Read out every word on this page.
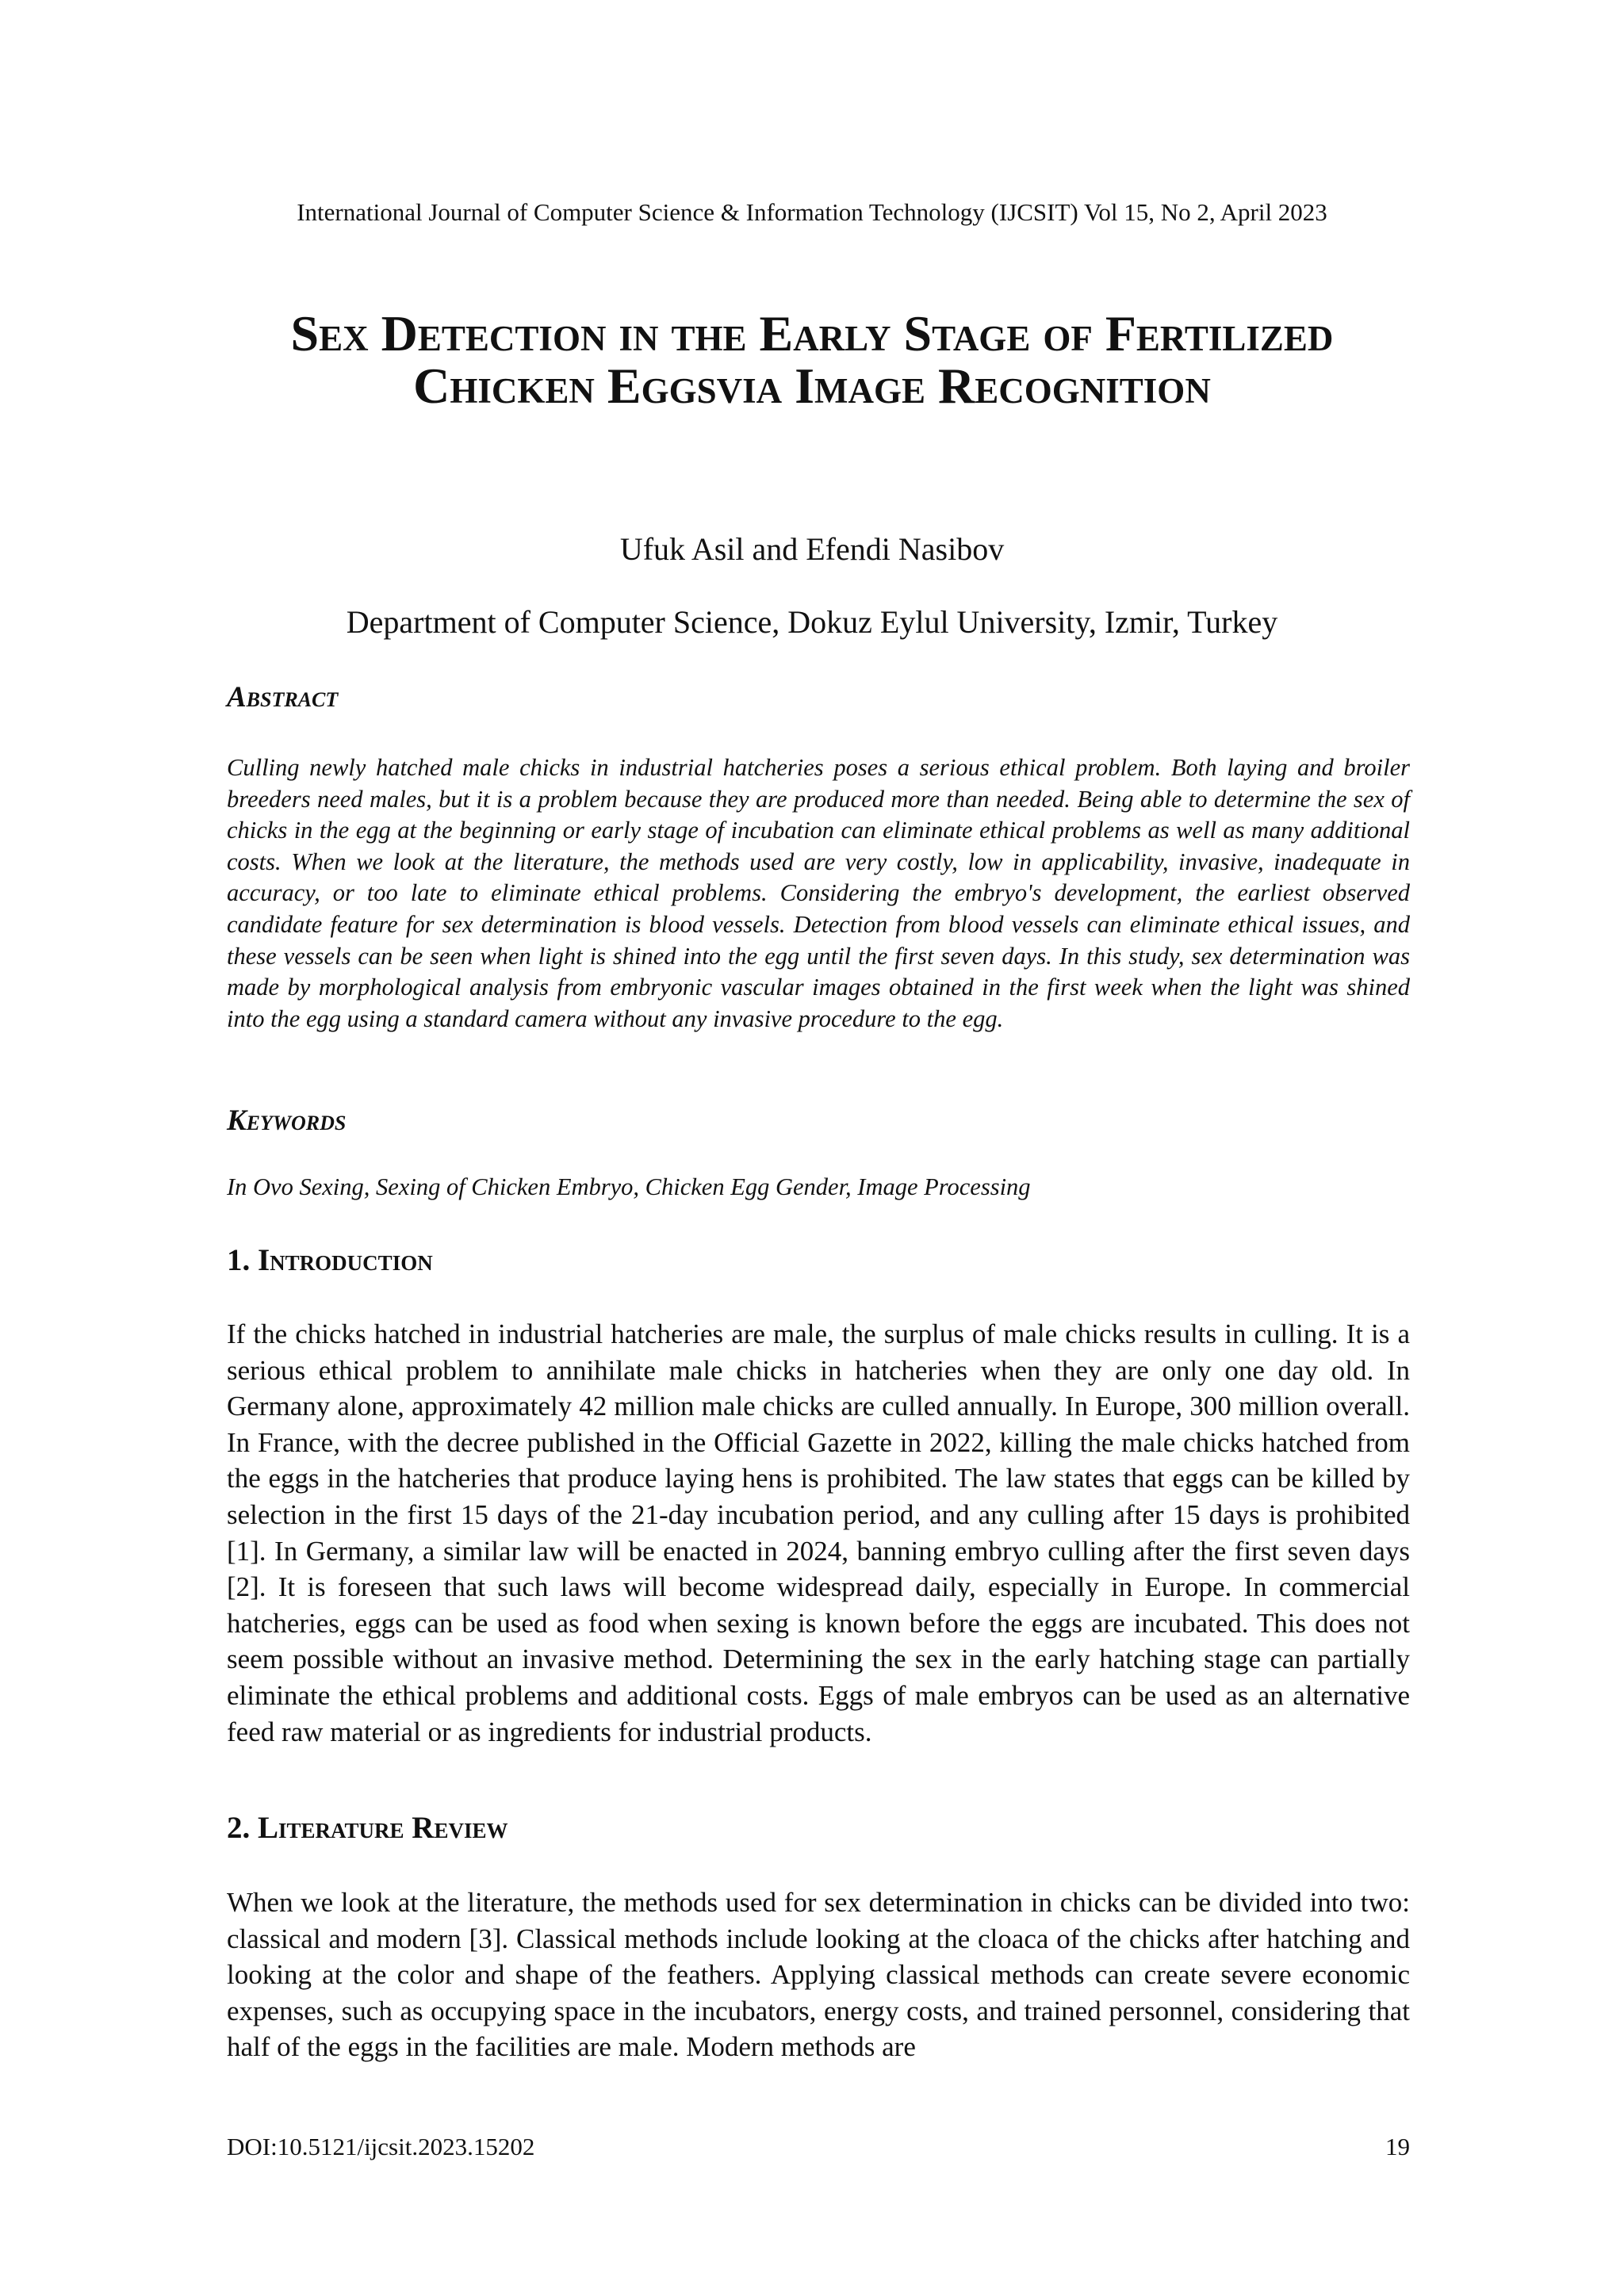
International Journal of Computer Science & Information Technology (IJCSIT) Vol 15, No 2, April 2023
Sex Detection in the Early Stage of Fertilized Chicken Eggsvia Image Recognition
Ufuk Asil and Efendi Nasibov
Department of Computer Science, Dokuz Eylul University, Izmir, Turkey
Abstract

Culling newly hatched male chicks in industrial hatcheries poses a serious ethical problem. Both laying and broiler breeders need males, but it is a problem because they are produced more than needed. Being able to determine the sex of chicks in the egg at the beginning or early stage of incubation can eliminate ethical problems as well as many additional costs. When we look at the literature, the methods used are very costly, low in applicability, invasive, inadequate in accuracy, or too late to eliminate ethical problems. Considering the embryo's development, the earliest observed candidate feature for sex determination is blood vessels. Detection from blood vessels can eliminate ethical issues, and these vessels can be seen when light is shined into the egg until the first seven days. In this study, sex determination was made by morphological analysis from embryonic vascular images obtained in the first week when the light was shined into the egg using a standard camera without any invasive procedure to the egg.

Keywords

In Ovo Sexing, Sexing of Chicken Embryo, Chicken Egg Gender, Image Processing

1. Introduction

If the chicks hatched in industrial hatcheries are male, the surplus of male chicks results in culling. It is a serious ethical problem to annihilate male chicks in hatcheries when they are only one day old. In Germany alone, approximately 42 million male chicks are culled annually. In Europe, 300 million overall. In France, with the decree published in the Official Gazette in 2022, killing the male chicks hatched from the eggs in the hatcheries that produce laying hens is prohibited. The law states that eggs can be killed by selection in the first 15 days of the 21-day incubation period, and any culling after 15 days is prohibited [1]. In Germany, a similar law will be enacted in 2024, banning embryo culling after the first seven days [2]. It is foreseen that such laws will become widespread daily, especially in Europe. In commercial hatcheries, eggs can be used as food when sexing is known before the eggs are incubated. This does not seem possible without an invasive method. Determining the sex in the early hatching stage can partially eliminate the ethical problems and additional costs. Eggs of male embryos can be used as an alternative feed raw material or as ingredients for industrial products.

2. Literature Review

When we look at the literature, the methods used for sex determination in chicks can be divided into two: classical and modern [3]. Classical methods include looking at the cloaca of the chicks after hatching and looking at the color and shape of the feathers. Applying classical methods can create severe economic expenses, such as occupying space in the incubators, energy costs, and trained personnel, considering that half of the eggs in the facilities are male. Modern methods are

DOI:10.5121/ijcsit.2023.15202	19
